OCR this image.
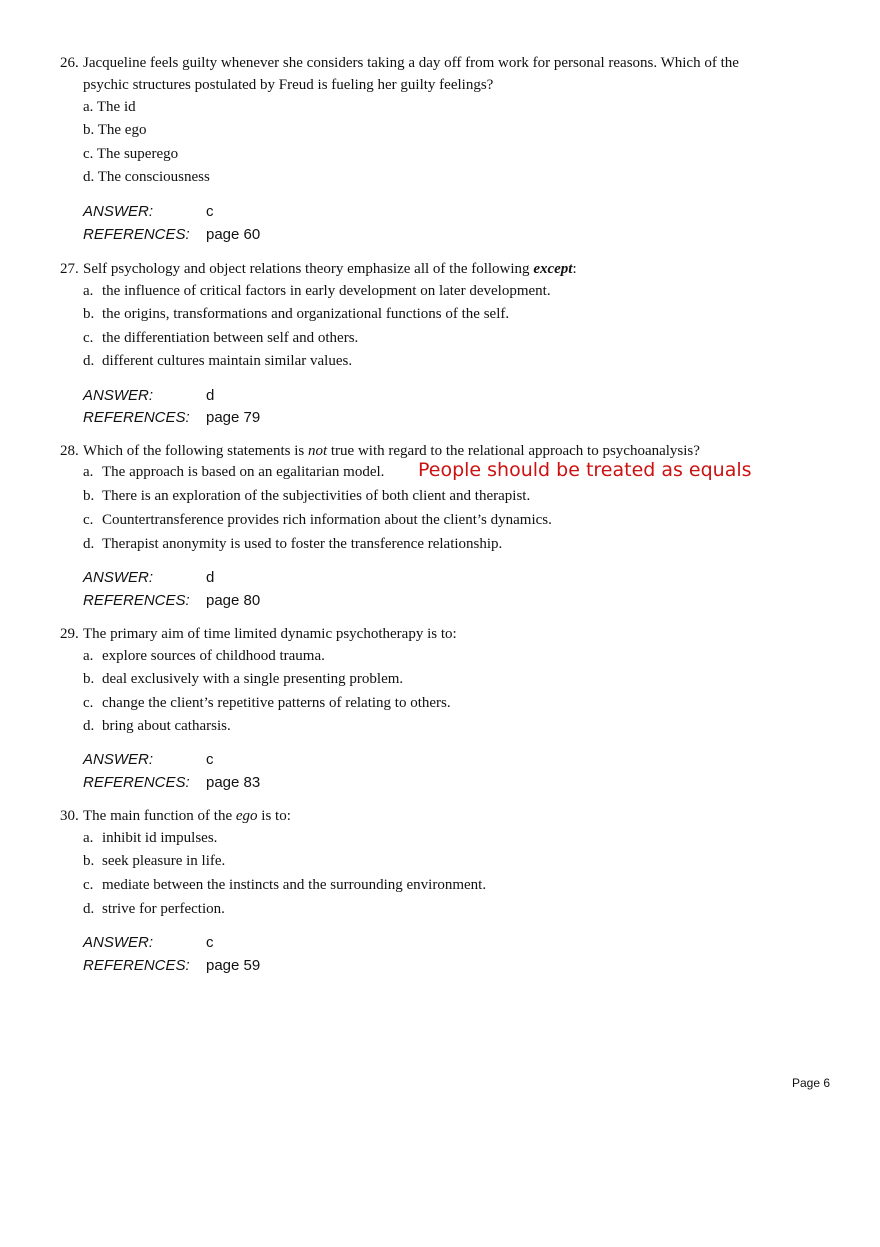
26. Jacqueline feels guilty whenever she considers taking a day off from work for personal reasons. Which of the
psychic structures postulated by Freud is fueling her guilty feelings?
a. The id
b. The ego
c. The superego
d. The consciousness
ANSWER:	c
REFERENCES: page 60
27. Self psychology and object relations theory emphasize all of the following except:
a. the influence of critical factors in early development on later development.
b. the origins, transformations and organizational functions of the self.
c. the differentiation between self and others.
d. different cultures maintain similar values.
ANSWER:	d
REFERENCES: page 79
28. Which of the following statements is not true with regard to the relational approach to psychoanalysis?
a. The approach is based on an egalitarian model.
b. There is an exploration of the subjectivities of both client and therapist.
c. Countertransference provides rich information about the client’s dynamics.
d. Therapist anonymity is used to foster the transference relationship.
ANSWER:	d
REFERENCES: page 80
29. The primary aim of time limited dynamic psychotherapy is to:
a. explore sources of childhood trauma.
b. deal exclusively with a single presenting problem.
c. change the client’s repetitive patterns of relating to others.
d. bring about catharsis.
ANSWER:	c
REFERENCES: page 83
30. The main function of the ego is to:
a. inhibit id impulses.
b. seek pleasure in life.
c. mediate between the instincts and the surrounding environment.
d. strive for perfection.
ANSWER:	c
REFERENCES: page 59
People should be treated as equals
Page 6
